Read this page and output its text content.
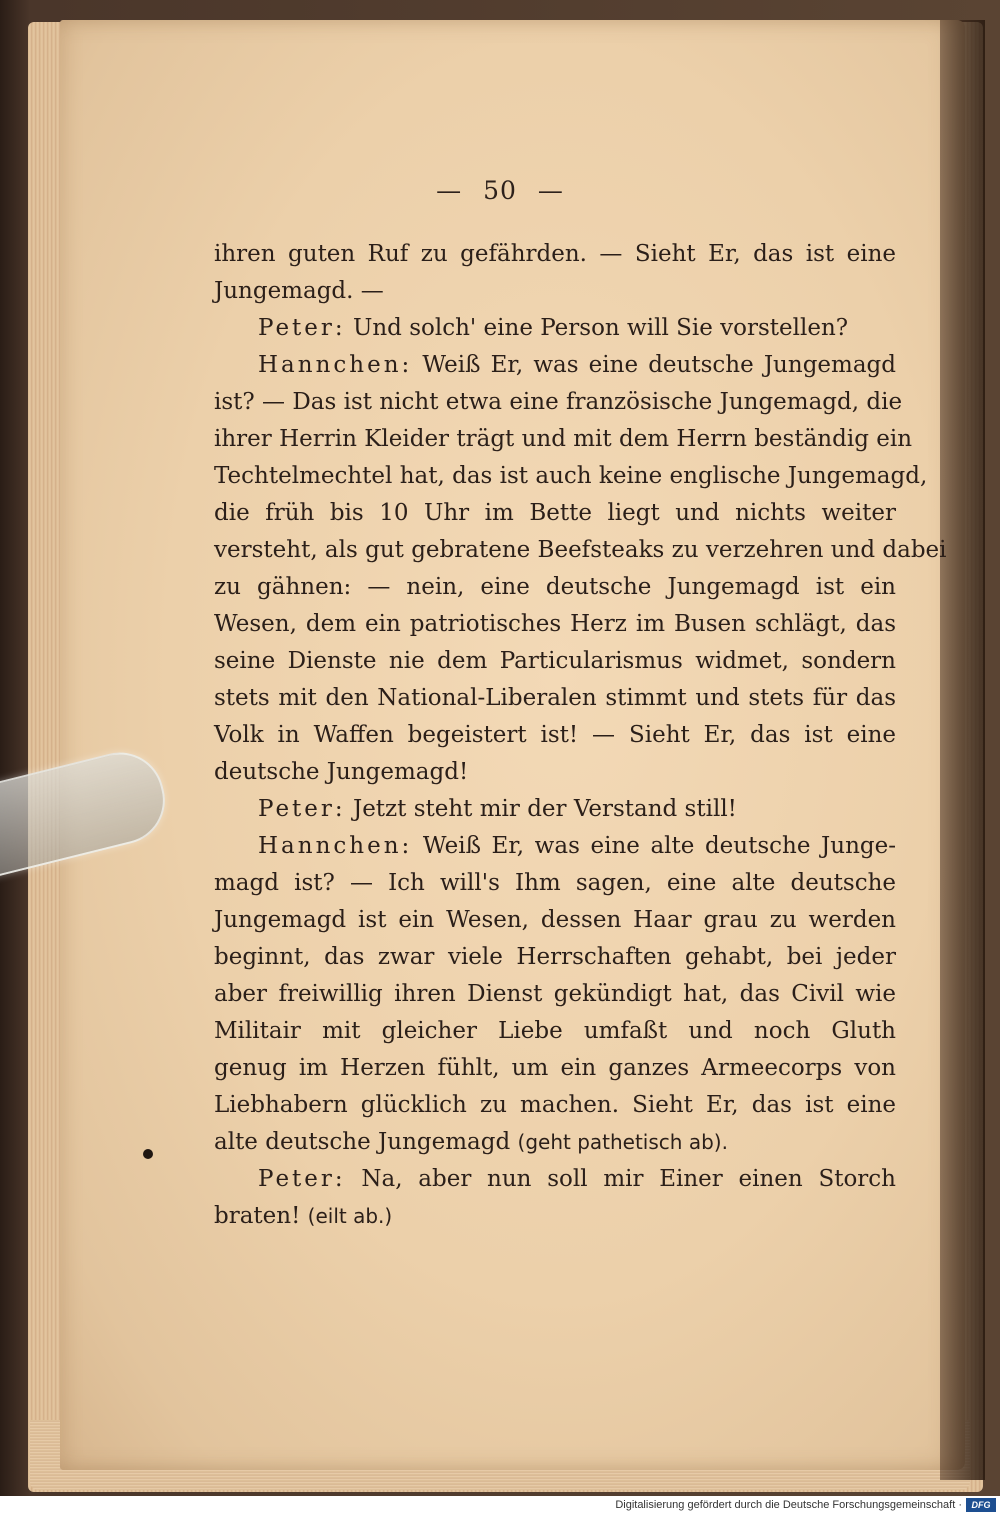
— 50 —
ihren guten Ruf zu gefährden. — Sieht Er, das ist eine
Jungemagd. —
Peter: Und solch' eine Person will Sie vorstellen?
Hannchen: Weiß Er, was eine deutsche Jungemagd
ist? — Das ist nicht etwa eine französische Jungemagd, die
ihrer Herrin Kleider trägt und mit dem Herrn beständig ein
Techtelmechtel hat, das ist auch keine englische Jungemagd,
die früh bis 10 Uhr im Bette liegt und nichts weiter
versteht, als gut gebratene Beefsteaks zu verzehren und dabei
zu gähnen: — nein, eine deutsche Jungemagd ist ein
Wesen, dem ein patriotisches Herz im Busen schlägt, das
seine Dienste nie dem Particularismus widmet, sondern
stets mit den National-Liberalen stimmt und stets für das
Volk in Waffen begeistert ist! — Sieht Er, das ist eine
deutsche Jungemagd!
Peter: Jetzt steht mir der Verstand still!
Hannchen: Weiß Er, was eine alte deutsche Junge-
magd ist? — Ich will's Ihm sagen, eine alte deutsche
Jungemagd ist ein Wesen, dessen Haar grau zu werden
beginnt, das zwar viele Herrschaften gehabt, bei jeder
aber freiwillig ihren Dienst gekündigt hat, das Civil wie
Militair mit gleicher Liebe umfaßt und noch Gluth
genug im Herzen fühlt, um ein ganzes Armeecorps von
Liebhabern glücklich zu machen. Sieht Er, das ist eine
alte deutsche Jungemagd (geht pathetisch ab).
Peter: Na, aber nun soll mir Einer einen Storch
braten! (eilt ab.)
Digitalisierung gefördert durch die Deutsche Forschungsgemeinschaft ·	DFG
